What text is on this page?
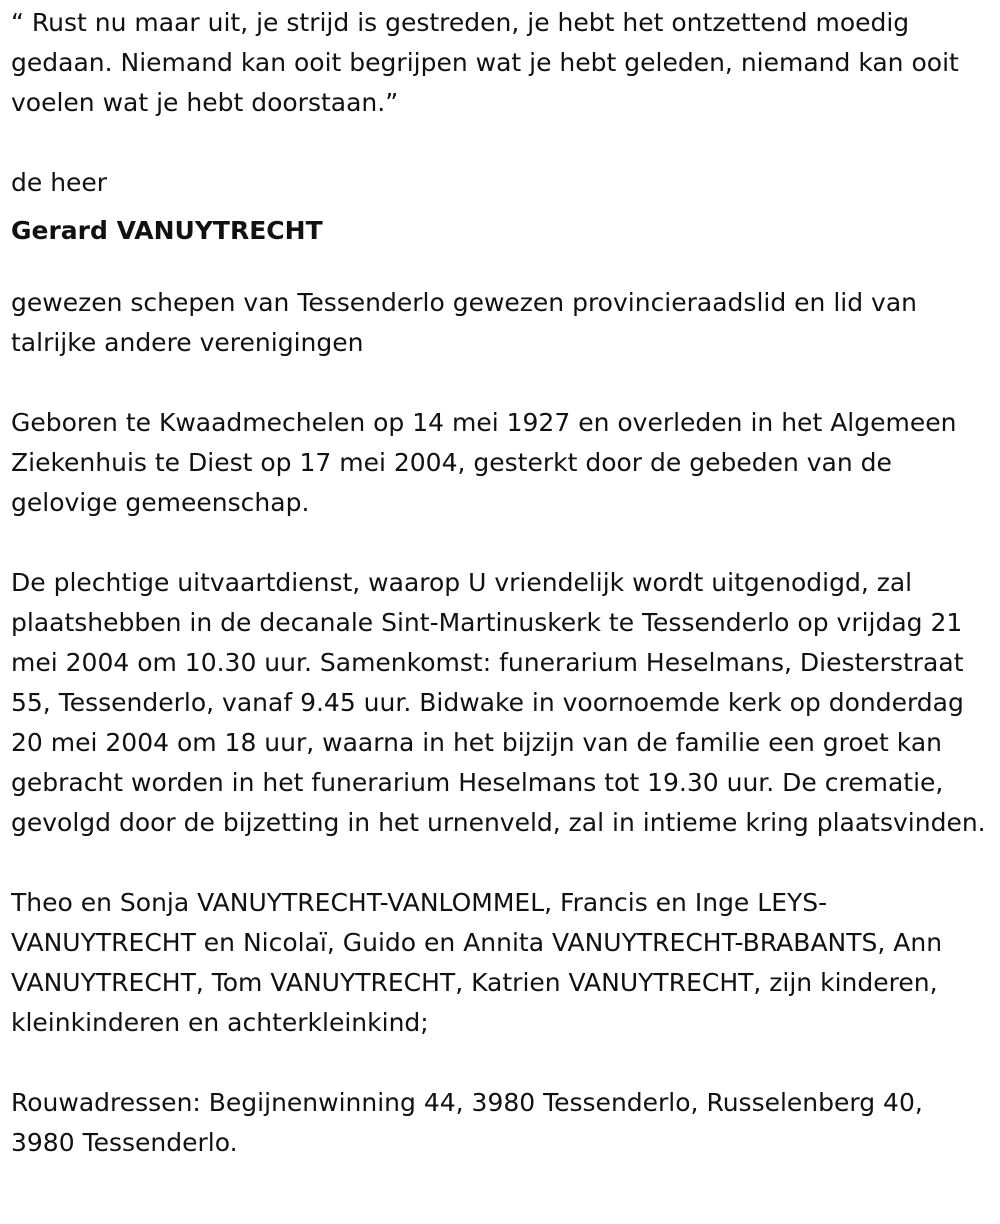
“ Rust nu maar uit, je strijd is gestreden, je hebt het ontzettend moedig gedaan. Niemand kan ooit begrijpen wat je hebt geleden, niemand kan ooit voelen wat je hebt doorstaan.”

de heer

Gerard VANUYTRECHT

gewezen schepen van Tessenderlo gewezen provincieraadslid en lid van talrijke andere verenigingen

Geboren te Kwaadmechelen op 14 mei 1927 en overleden in het Algemeen Ziekenhuis te Diest op 17 mei 2004, gesterkt door de gebeden van de gelovige gemeenschap.

De plechtige uitvaartdienst, waarop U vriendelijk wordt uitgenodigd, zal plaatshebben in de decanale Sint-Martinuskerk te Tessenderlo op vrijdag 21 mei 2004 om 10.30 uur. Samenkomst: funerarium Heselmans, Diesterstraat 55, Tessenderlo, vanaf 9.45 uur. Bidwake in voornoemde kerk op donderdag 20 mei 2004 om 18 uur, waarna in het bijzijn van de familie een groet kan gebracht worden in het funerarium Heselmans tot 19.30 uur. De crematie, gevolgd door de bijzetting in het urnenveld, zal in intieme kring plaatsvinden.

Theo en Sonja VANUYTRECHT-VANLOMMEL, Francis en Inge LEYS-VANUYTRECHT en Nicolaï, Guido en Annita VANUYTRECHT-BRABANTS, Ann VANUYTRECHT, Tom VANUYTRECHT, Katrien VANUYTRECHT, zijn kinderen, kleinkinderen en achterkleinkind;

Rouwadressen: Begijnenwinning 44, 3980 Tessenderlo, Russelenberg 40, 3980 Tessenderlo.
